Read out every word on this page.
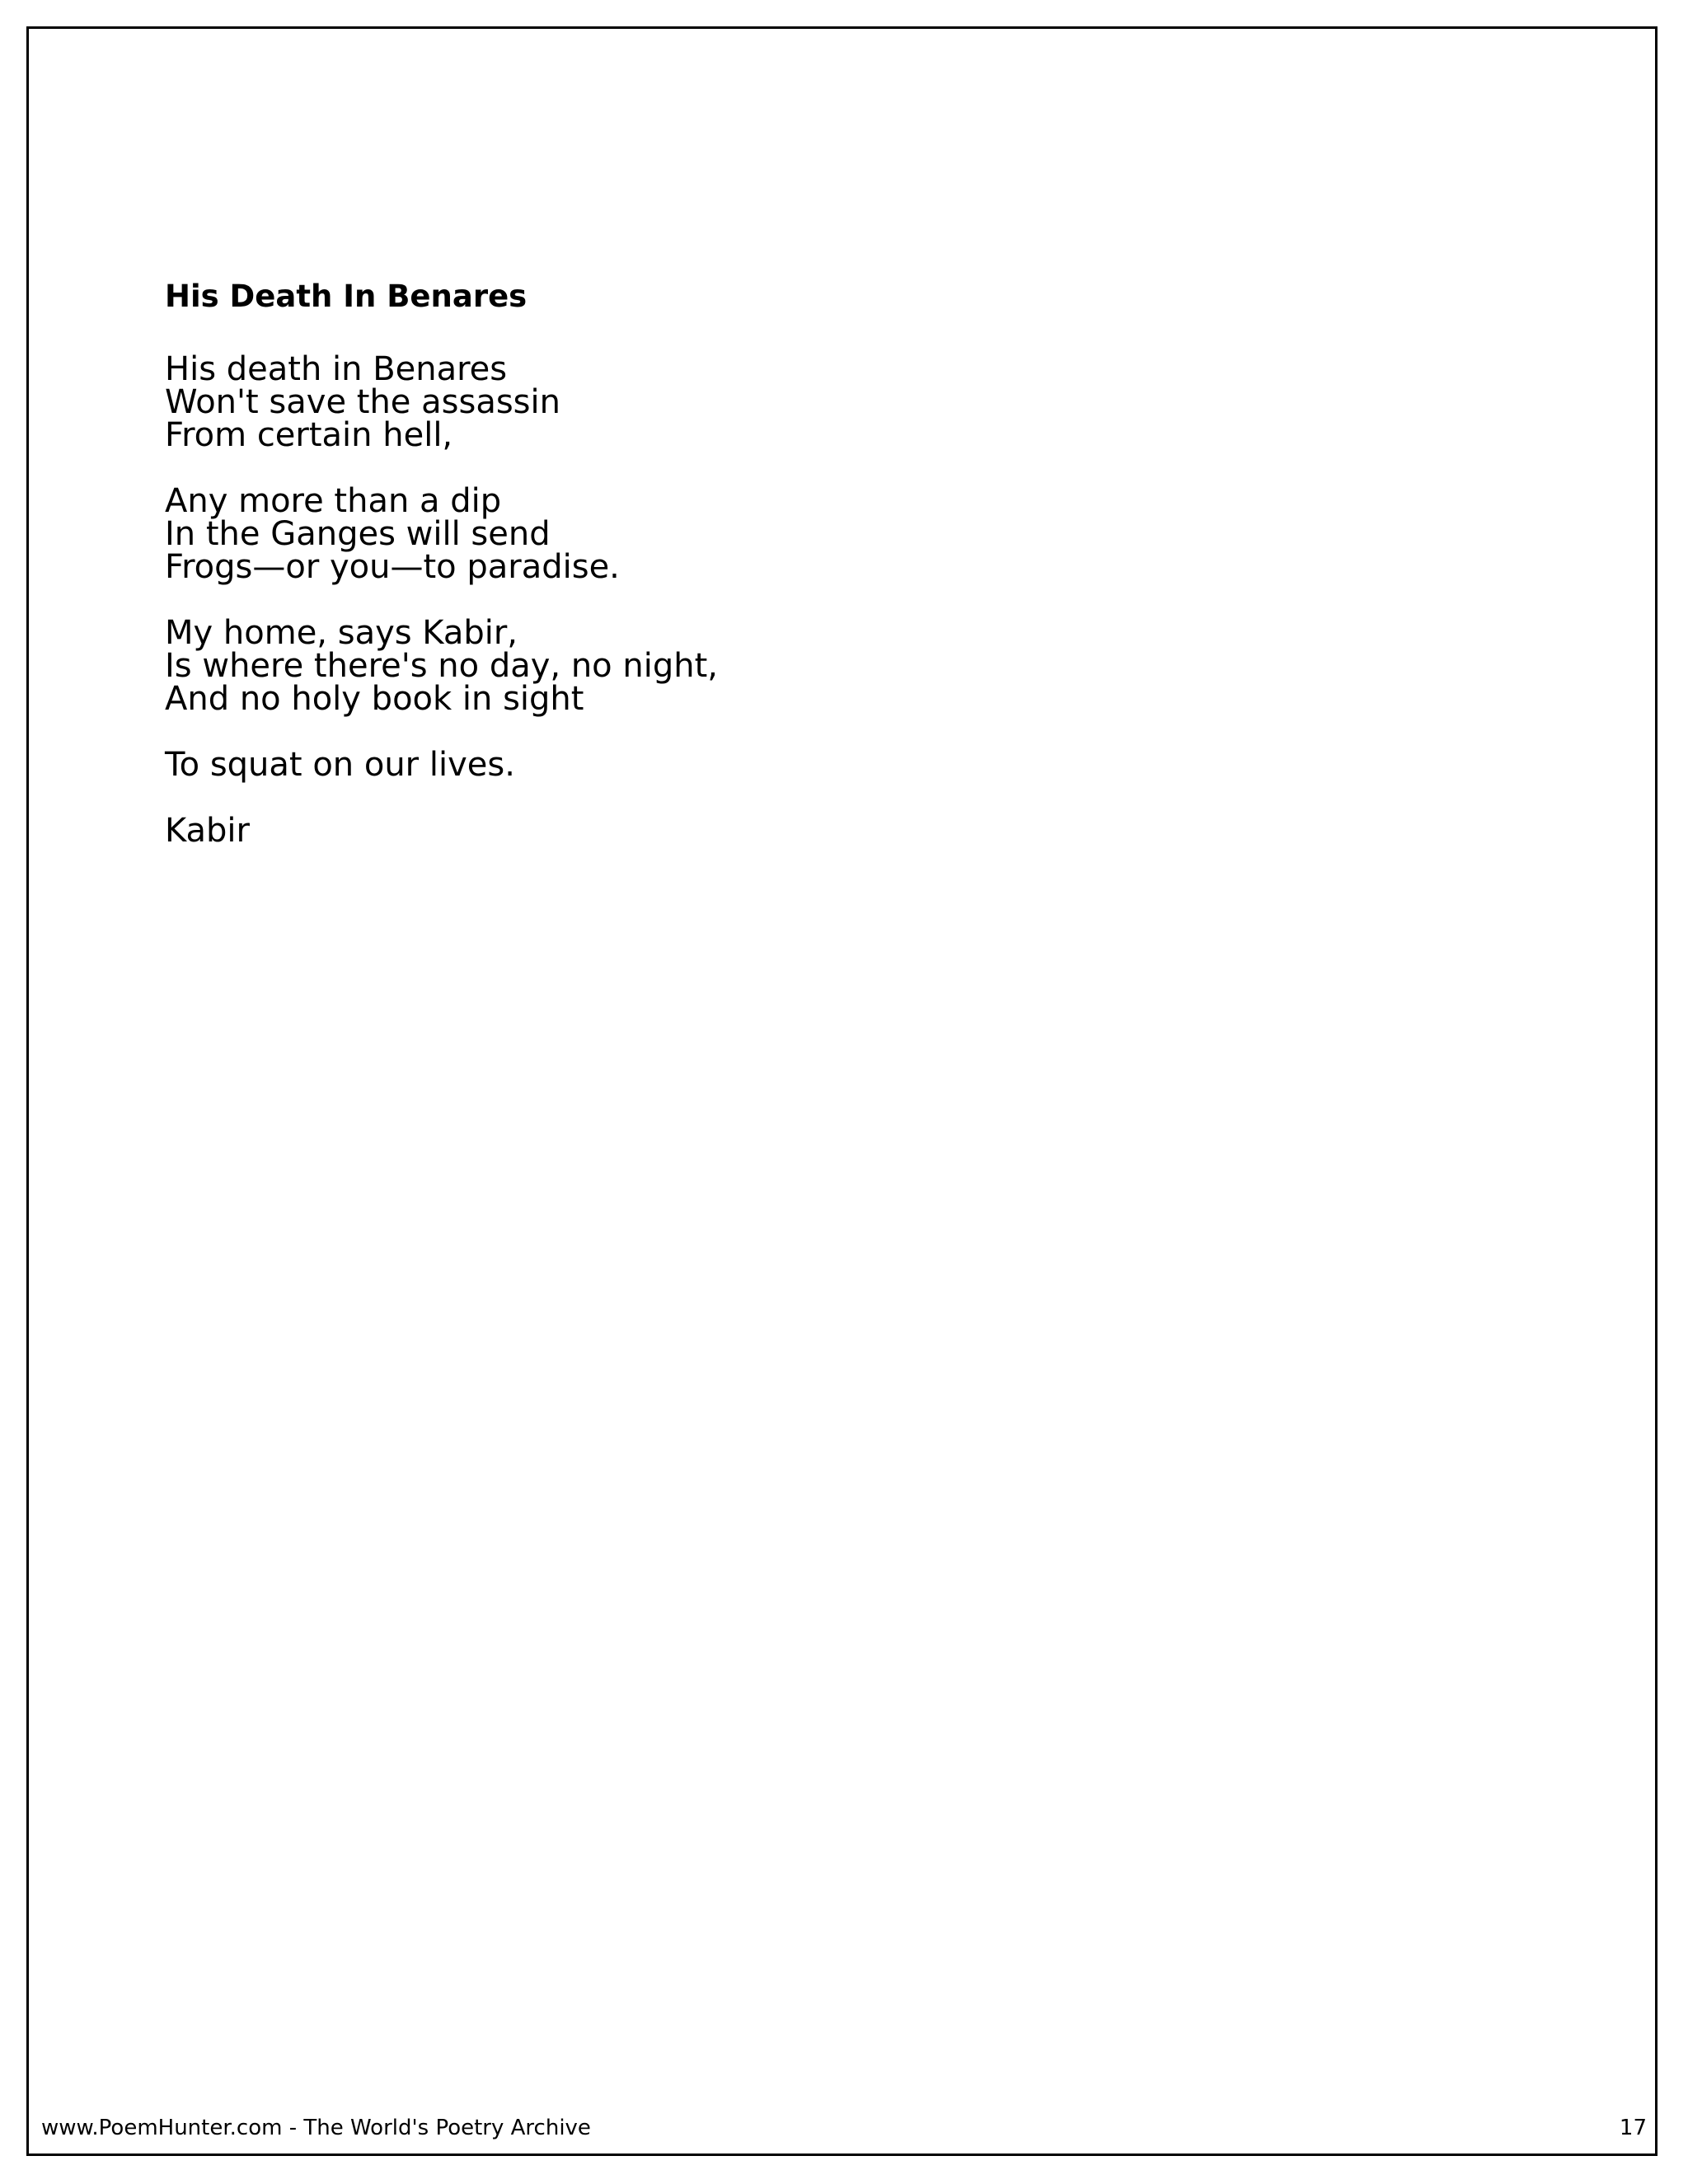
His Death In Benares
His death in Benares
Won't save the assassin
From certain hell,
Any more than a dip
In the Ganges will send
Frogs—or you—to paradise.
My home, says Kabir,
Is where there's no day, no night,
And no holy book in sight
To squat on our lives.

Kabir

www.PoemHunter.com - The World's Poetry Archive	17
